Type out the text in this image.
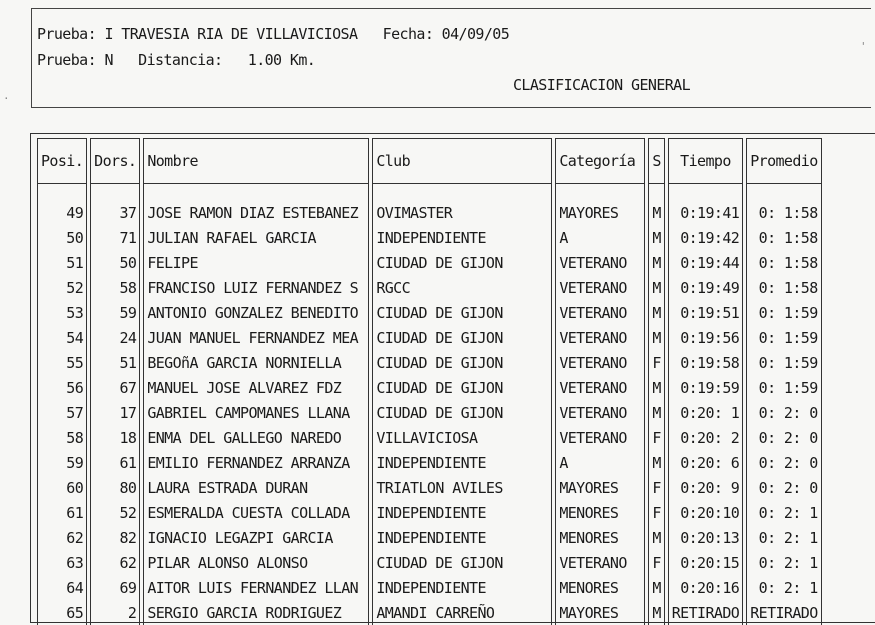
Prueba: I TRAVESIA RIA DE VILLAVICIOSA   Fecha: 04/09/05
Prueba: N   Distancia:   1.00 Km.
CLASIFICACION GENERAL
Posi.	Dors.	Nombre	Club	Categoría	S	Tiempo	Promedio
49	37	JOSE RAMON DIAZ ESTEBANEZ	OVIMASTER	MAYORES	M	0:19:41	0: 1:58
50	71	JULIAN RAFAEL GARCIA	INDEPENDIENTE	A	M	0:19:42	0: 1:58
51	50	FELIPE	CIUDAD DE GIJON	VETERANO	M	0:19:44	0: 1:58
52	58	FRANCISO LUIZ FERNANDEZ S	RGCC	VETERANO	M	0:19:49	0: 1:58
53	59	ANTONIO GONZALEZ BENEDITO	CIUDAD DE GIJON	VETERANO	M	0:19:51	0: 1:59
54	24	JUAN MANUEL FERNANDEZ MEA	CIUDAD DE GIJON	VETERANO	M	0:19:56	0: 1:59
55	51	BEGOñA GARCIA NORNIELLA	CIUDAD DE GIJON	VETERANO	F	0:19:58	0: 1:59
56	67	MANUEL JOSE ALVAREZ FDZ	CIUDAD DE GIJON	VETERANO	M	0:19:59	0: 1:59
57	17	GABRIEL CAMPOMANES LLANA	CIUDAD DE GIJON	VETERANO	M	0:20: 1	0: 2: 0
58	18	ENMA DEL GALLEGO NAREDO	VILLAVICIOSA	VETERANO	F	0:20: 2	0: 2: 0
59	61	EMILIO FERNANDEZ ARRANZA	INDEPENDIENTE	A	M	0:20: 6	0: 2: 0
60	80	LAURA ESTRADA DURAN	TRIATLON AVILES	MAYORES	F	0:20: 9	0: 2: 0
61	52	ESMERALDA CUESTA COLLADA	INDEPENDIENTE	MENORES	F	0:20:10	0: 2: 1
62	82	IGNACIO LEGAZPI GARCIA	INDEPENDIENTE	MENORES	M	0:20:13	0: 2: 1
63	62	PILAR ALONSO ALONSO	CIUDAD DE GIJON	VETERANO	F	0:20:15	0: 2: 1
64	69	AITOR LUIS FERNANDEZ LLAN	INDEPENDIENTE	MENORES	M	0:20:16	0: 2: 1
65	2	SERGIO GARCIA RODRIGUEZ	AMANDI CARREÑO	MAYORES	M	RETIRADO	RETIRADO
·
'
